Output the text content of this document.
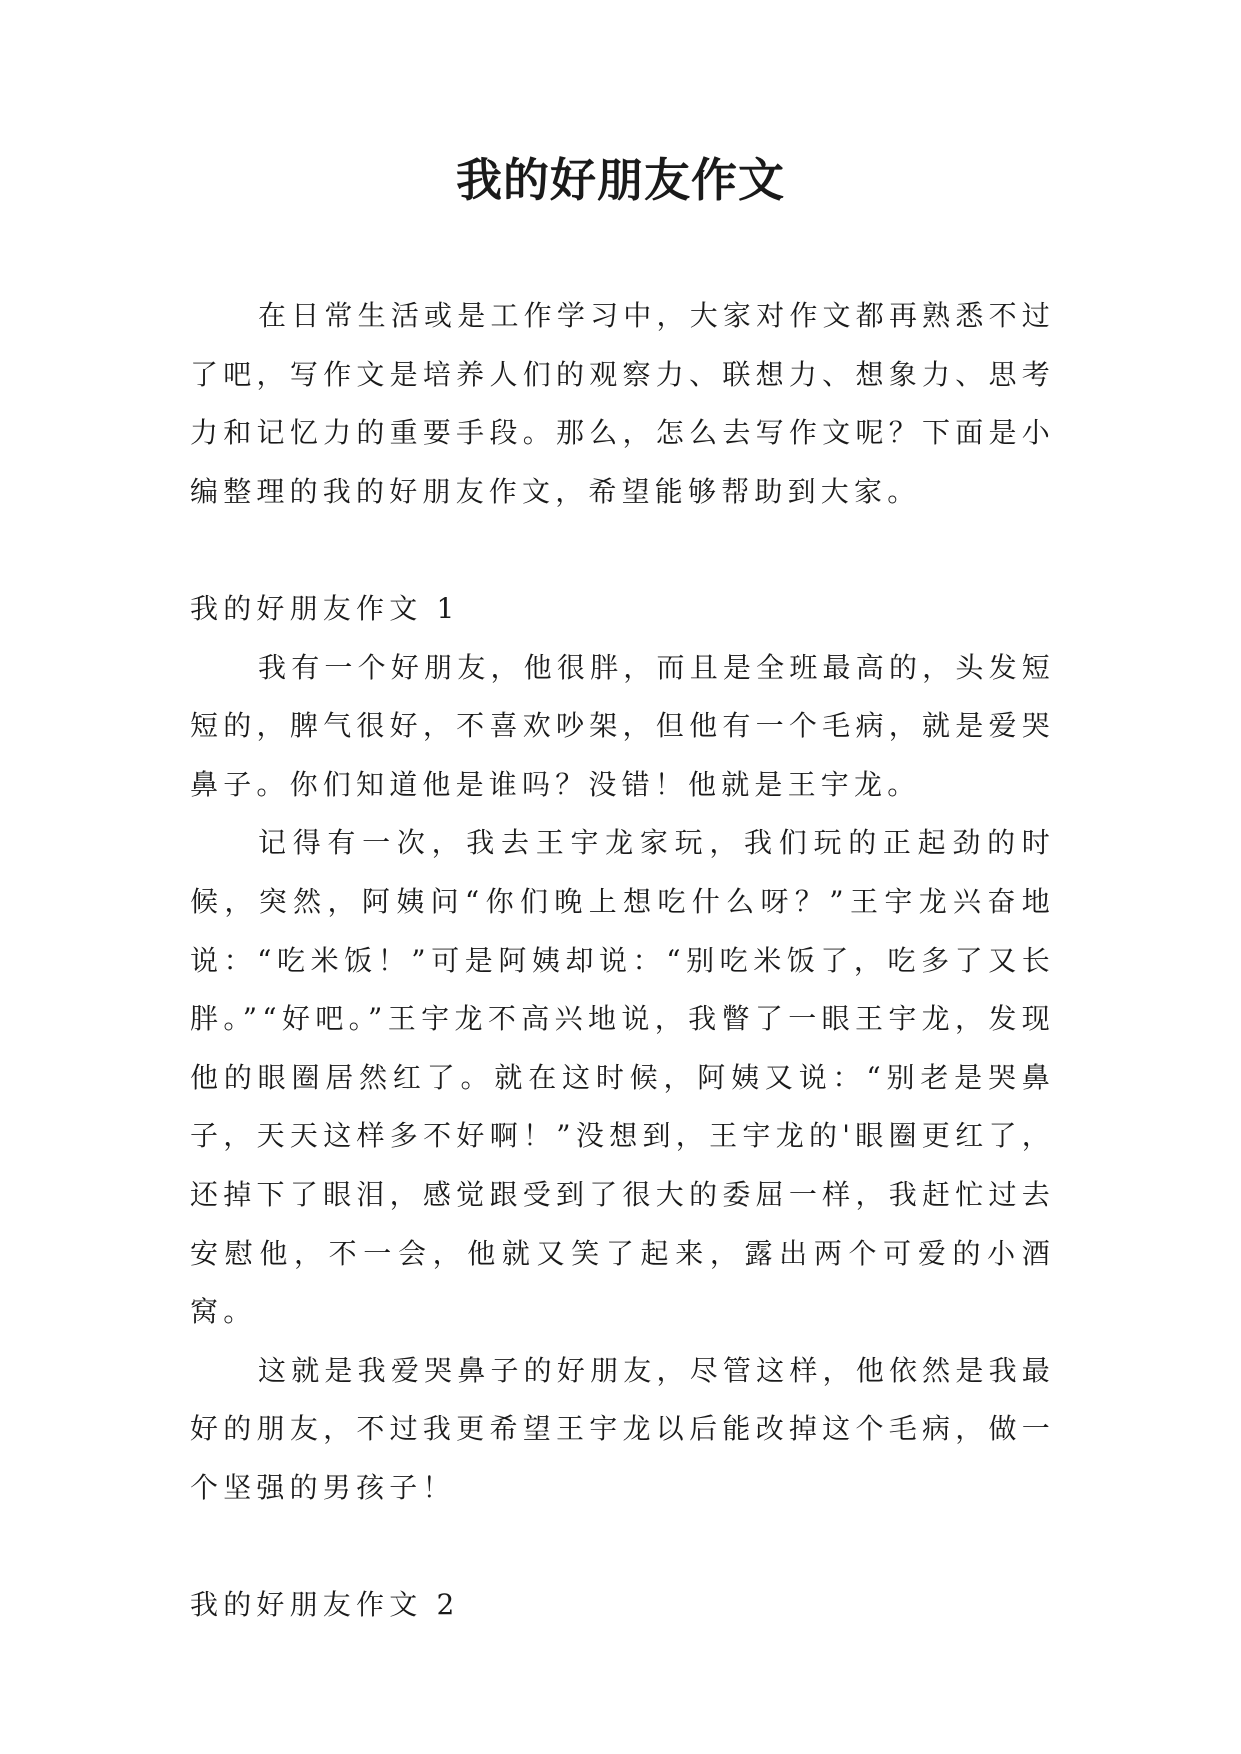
我的好朋友作文

在日常生活或是工作学习中，大家对作文都再熟悉不过了吧，写作文是培养人们的观察力、联想力、想象力、思考力和记忆力的重要手段。那么，怎么去写作文呢？下面是小编整理的我的好朋友作文，希望能够帮助到大家。

我的好朋友作文 1

我有一个好朋友，他很胖，而且是全班最高的，头发短短的，脾气很好，不喜欢吵架，但他有一个毛病，就是爱哭鼻子。你们知道他是谁吗？没错！他就是王宇龙。

记得有一次，我去王宇龙家玩，我们玩的正起劲的时候，突然，阿姨问“你们晚上想吃什么呀？”王宇龙兴奋地说：“吃米饭！”可是阿姨却说：“别吃米饭了，吃多了又长胖。”“好吧。”王宇龙不高兴地说，我瞥了一眼王宇龙，发现他的眼圈居然红了。就在这时候，阿姨又说：“别老是哭鼻子，天天这样多不好啊！”没想到，王宇龙的'眼圈更红了，还掉下了眼泪，感觉跟受到了很大的委屈一样，我赶忙过去安慰他，不一会，他就又笑了起来，露出两个可爱的小酒窝。

这就是我爱哭鼻子的好朋友，尽管这样，他依然是我最好的朋友，不过我更希望王宇龙以后能改掉这个毛病，做一个坚强的男孩子！

我的好朋友作文 2
